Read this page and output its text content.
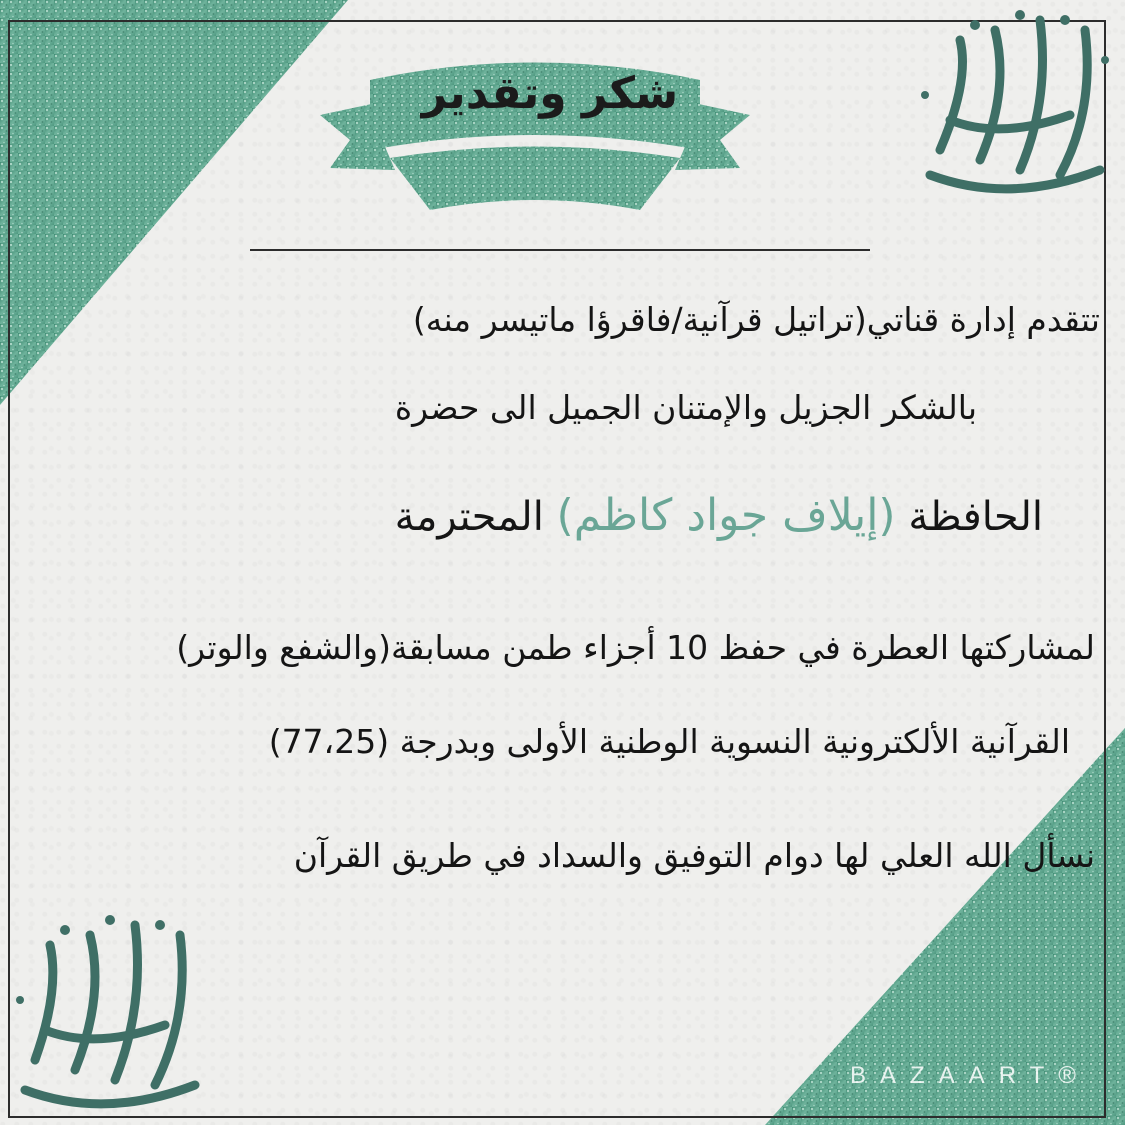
شكر وتقدير
تتقدم إدارة قناتي(تراتيل قرآنية/فاقرؤا ماتيسر منه)
بالشكر الجزيل والإمتنان الجميل الى حضرة
الحافظة (إيلاف جواد كاظم) المحترمة
لمشاركتها العطرة في حفظ 10 أجزاء طمن مسابقة(والشفع والوتر)
القرآنية الألكترونية النسوية الوطنية الأولى وبدرجة (77،25)
نسأل الله العلي لها دوام التوفيق والسداد في طريق القرآن
BAZAART®
